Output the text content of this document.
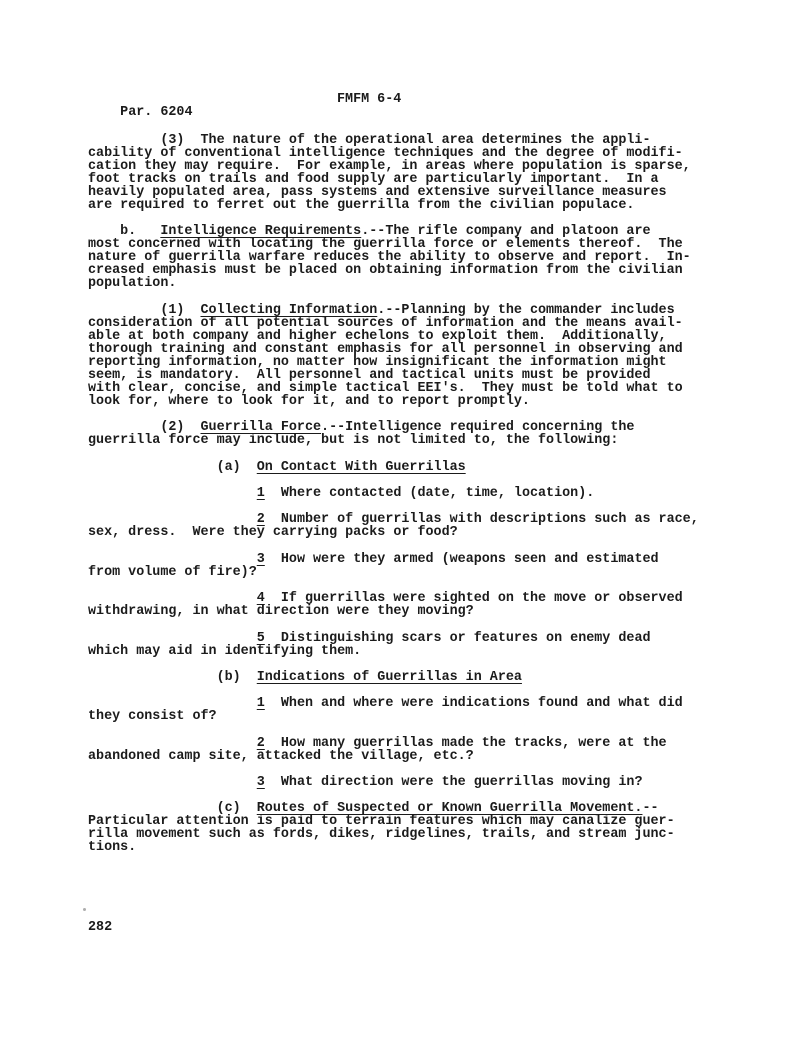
Par. 6204

FMFM 6-4

(3)  The nature of the operational area determines the appli-
cability of conventional intelligence techniques and the degree of modifi-
cation they may require.  For example, in areas where population is sparse,
foot tracks on trails and food supply are particularly important.  In a
heavily populated area, pass systems and extensive surveillance measures
are required to ferret out the guerrilla from the civilian populace.
b.   Intelligence Requirements.--The rifle company and platoon are
most concerned with locating the guerrilla force or elements thereof.  The
nature of guerrilla warfare reduces the ability to observe and report.  In-
creased emphasis must be placed on obtaining information from the civilian
population.
(1)  Collecting Information.--Planning by the commander includes
consideration of all potential sources of information and the means avail-
able at both company and higher echelons to exploit them.  Additionally,
thorough training and constant emphasis for all personnel in observing and
reporting information, no matter how insignificant the information might
seem, is mandatory.  All personnel and tactical units must be provided
with clear, concise, and simple tactical EEI's.  They must be told what to
look for, where to look for it, and to report promptly.
(2)  Guerrilla Force.--Intelligence required concerning the
guerrilla force may include, but is not limited to, the following:
(a)  On Contact With Guerrillas
1  Where contacted (date, time, location).
2  Number of guerrillas with descriptions such as race,
sex, dress.  Were they carrying packs or food?
3  How were they armed (weapons seen and estimated
from volume of fire)?
4  If guerrillas were sighted on the move or observed
withdrawing, in what direction were they moving?
5  Distinguishing scars or features on enemy dead
which may aid in identifying them.
(b)  Indications of Guerrillas in Area
1  When and where were indications found and what did
they consist of?
2  How many guerrillas made the tracks, were at the
abandoned camp site, attacked the village, etc.?
3  What direction were the guerrillas moving in?
(c)  Routes of Suspected or Known Guerrilla Movement.--
Particular attention is paid to terrain features which may canalize guer-
rilla movement such as fords, dikes, ridgelines, trails, and stream junc-
tions.
282
